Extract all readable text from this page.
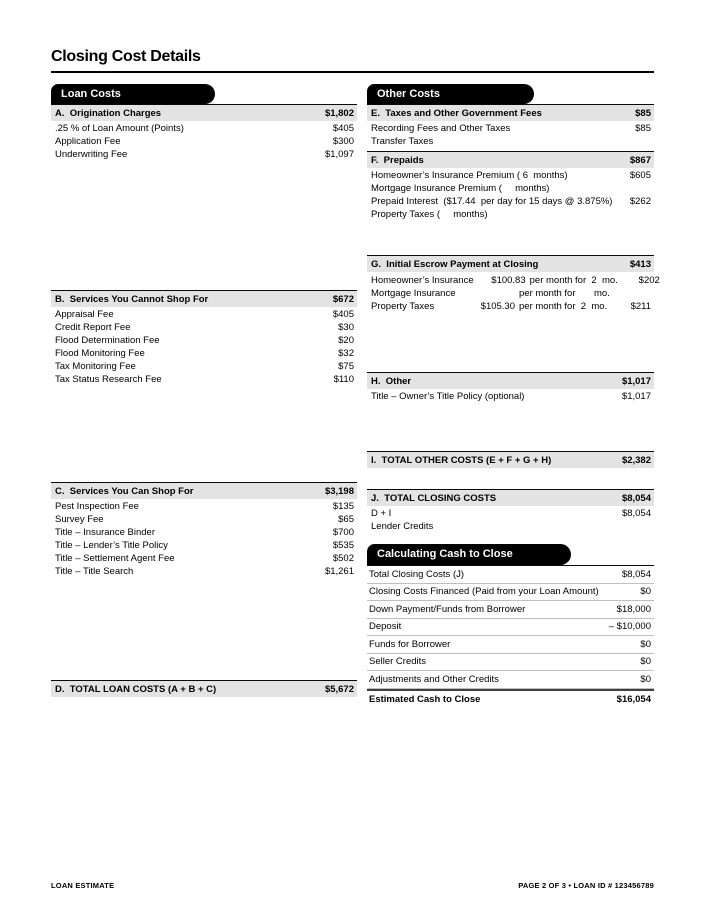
Closing Cost Details
Loan Costs
A.  Origination Charges	$1,802
.25 % of Loan Amount (Points)	$405
Application Fee	$300
Underwriting Fee	$1,097
B.  Services You Cannot Shop For	$672
Appraisal Fee	$405
Credit Report Fee	$30
Flood Determination Fee	$20
Flood Monitoring Fee	$32
Tax Monitoring Fee	$75
Tax Status Research Fee	$110
C.  Services You Can Shop For	$3,198
Pest Inspection Fee	$135
Survey Fee	$65
Title – Insurance Binder	$700
Title – Lender’s Title Policy	$535
Title – Settlement Agent Fee	$502
Title – Title Search	$1,261
D.  TOTAL LOAN COSTS (A + B + C)	$5,672
Other Costs
E.  Taxes and Other Government Fees	$85
Recording Fees and Other Taxes	$85
Transfer Taxes
F.  Prepaids	$867
Homeowner’s Insurance Premium ( 6  months)	$605
Mortgage Insurance Premium (     months)
Prepaid Interest  ($17.44  per day for 15 days @ 3.875%) $262
Property Taxes (     months)
G.  Initial Escrow Payment at Closing	$413
Homeowner’s Insurance	$100.83 per month for  2  mo.	$202
Mortgage Insurance	per month for       mo.
Property Taxes	$105.30 per month for  2  mo.	$211
H.  Other	$1,017
Title – Owner’s Title Policy (optional)	$1,017
I.  TOTAL OTHER COSTS (E + F + G + H)	$2,382
J.  TOTAL CLOSING COSTS	$8,054
D + I	$8,054
Lender Credits
Calculating Cash to Close
Total Closing Costs (J)	$8,054
Closing Costs Financed (Paid from your Loan Amount)	$0
Down Payment/Funds from Borrower	$18,000
Deposit	– $10,000
Funds for Borrower	$0
Seller Credits	$0
Adjustments and Other Credits	$0
Estimated Cash to Close	$16,054
LOAN ESTIMATE	PAGE 2 OF 3 • LOAN ID # 123456789
